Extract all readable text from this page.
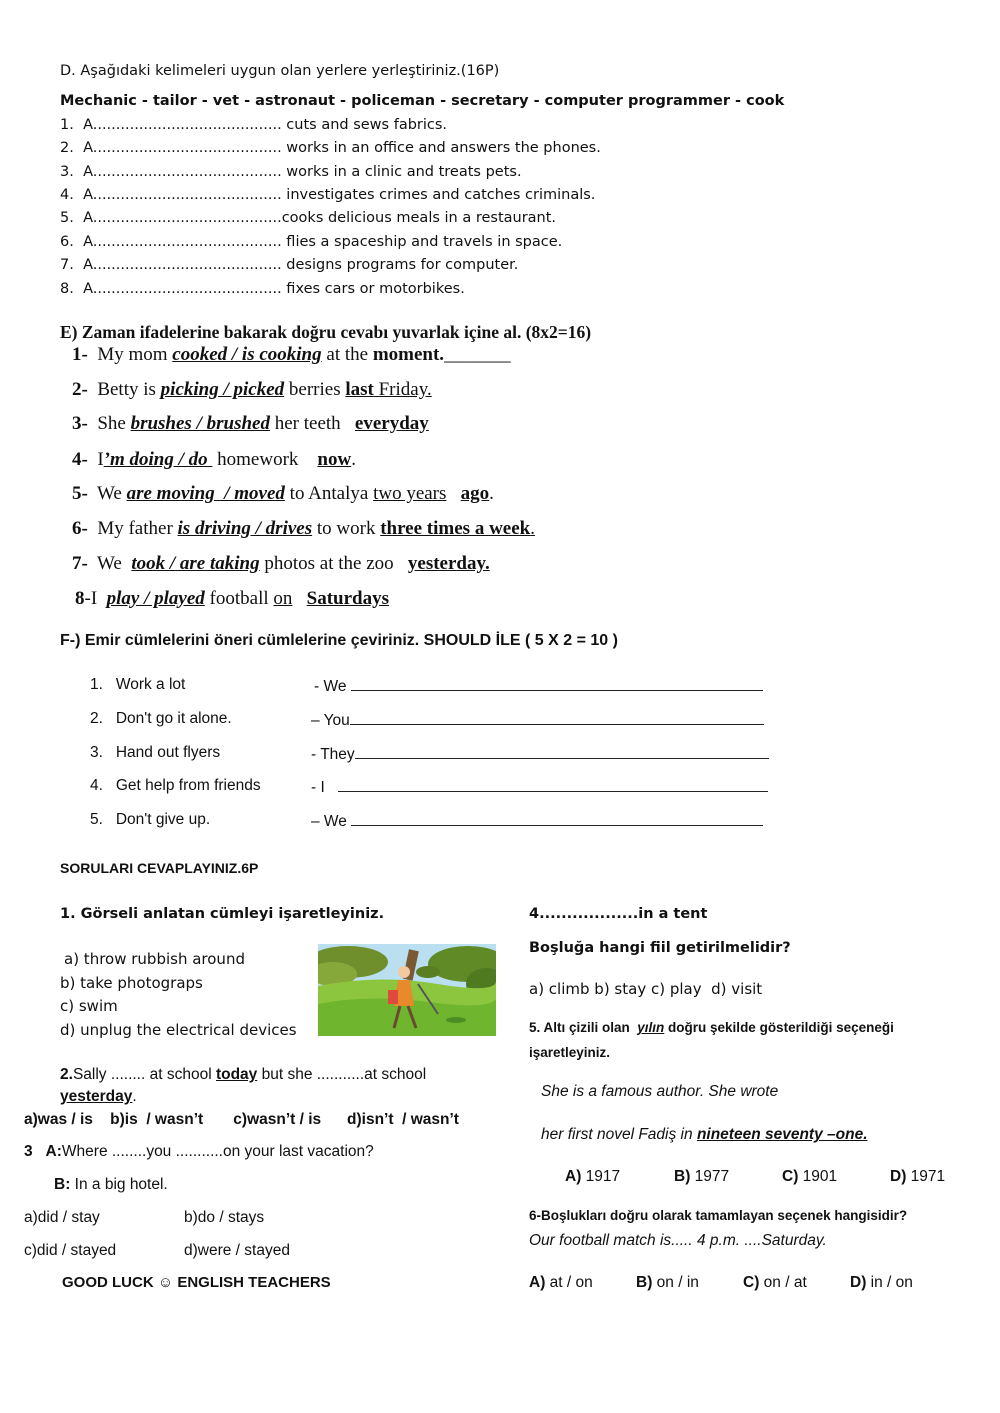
D. Aşağıdaki kelimeleri uygun olan yerlere yerleştiriniz.(16P)
Mechanic - tailor - vet - astronaut - policeman - secretary - computer programmer - cook
1. A......................................... cuts and sews fabrics.
2. A......................................... works in an office and answers the phones.
3. A......................................... works in a clinic and treats pets.
4. A......................................... investigates crimes and catches criminals.
5. A.........................................cooks delicious meals in a restaurant.
6. A......................................... flies a spaceship and travels in space.
7. A......................................... designs programs for computer.
8. A......................................... fixes cars or motorbikes.
E) Zaman ifadelerine bakarak doğru cevabı yuvarlak içine al. (8x2=16)
1- My mom cooked / is cooking at the moment._______
2-  Betty is picking / picked berries last Friday.
3- She brushes / brushed her teeth   everyday
4- I’m doing / do  homework    now.
5- We are moving  / moved to Antalya two years ago.
6- My father is driving / drives to work three times a week.
7- We  took / are taking photos at the zoo   yesterday.
8-I  play / played football on Saturdays
F-) Emir cümlelerini öneri cümlelerine çeviriniz. SHOULD İLE ( 5 X 2 = 10 )
1. Work a lot	- We
2. Don't go it alone.	– You
3. Hand out flyers	- They
4. Get help from friends	- I
5. Don't give up.	– We
SORULARI CEVAPLAYINIZ.6P
1. Görseli anlatan cümleyi işaretleyiniz.
a) throw rubbish around
b) take photograps
c) swim
d) unplug the electrical devices
2.Sally ........ at school today but she ...........at school
yesterday.
a)was / is    b)is  / wasn’t       c)wasn’t / is      d)isn’t  / wasn’t
3 A:Where ........you ...........on your last vacation?
B: In a big hotel.
a)did / stay	b)do / stays
c)did / stayed	d)were / stayed
GOOD LUCK ☺ ENGLISH TEACHERS
4..................in a tent
Boşluğa hangi fiil getirilmelidir?
a) climb b) stay c) play  d) visit
5. Altı çizili olan  yılın doğru şekilde gösterildiği seçeneği
işaretleyiniz.
She is a famous author. She wrote
her first novel Fadiş in nineteen seventy –one.
A) 1917	B) 1977	C) 1901	D) 1971
6-Boşlukları doğru olarak tamamlayan seçenek hangisidir?
Our football match is..... 4 p.m. ....Saturday.
A) at / on	B) on / in	C) on / at	D) in / on
